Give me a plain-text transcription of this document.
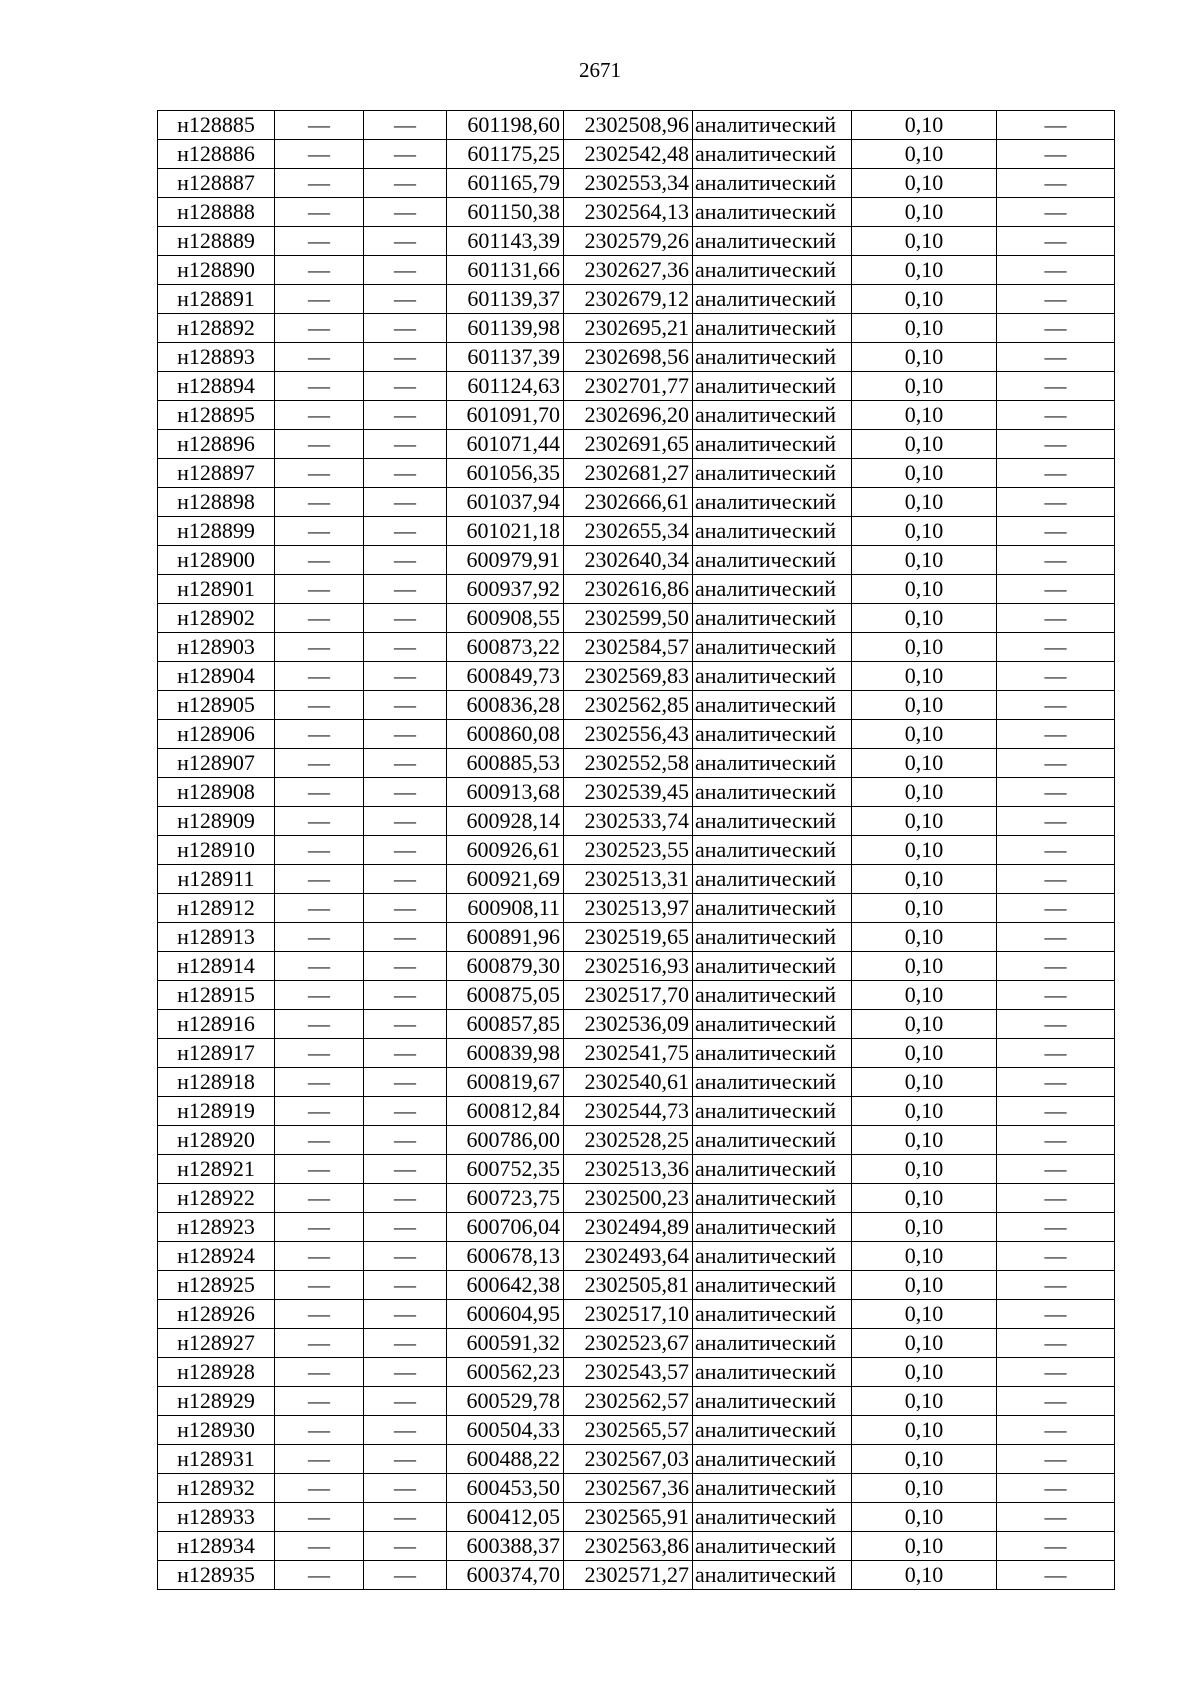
2671
н128885	—	—	601198,60	2302508,96	аналитический	0,10	—
н128886	—	—	601175,25	2302542,48	аналитический	0,10	—
н128887	—	—	601165,79	2302553,34	аналитический	0,10	—
н128888	—	—	601150,38	2302564,13	аналитический	0,10	—
н128889	—	—	601143,39	2302579,26	аналитический	0,10	—
н128890	—	—	601131,66	2302627,36	аналитический	0,10	—
н128891	—	—	601139,37	2302679,12	аналитический	0,10	—
н128892	—	—	601139,98	2302695,21	аналитический	0,10	—
н128893	—	—	601137,39	2302698,56	аналитический	0,10	—
н128894	—	—	601124,63	2302701,77	аналитический	0,10	—
н128895	—	—	601091,70	2302696,20	аналитический	0,10	—
н128896	—	—	601071,44	2302691,65	аналитический	0,10	—
н128897	—	—	601056,35	2302681,27	аналитический	0,10	—
н128898	—	—	601037,94	2302666,61	аналитический	0,10	—
н128899	—	—	601021,18	2302655,34	аналитический	0,10	—
н128900	—	—	600979,91	2302640,34	аналитический	0,10	—
н128901	—	—	600937,92	2302616,86	аналитический	0,10	—
н128902	—	—	600908,55	2302599,50	аналитический	0,10	—
н128903	—	—	600873,22	2302584,57	аналитический	0,10	—
н128904	—	—	600849,73	2302569,83	аналитический	0,10	—
н128905	—	—	600836,28	2302562,85	аналитический	0,10	—
н128906	—	—	600860,08	2302556,43	аналитический	0,10	—
н128907	—	—	600885,53	2302552,58	аналитический	0,10	—
н128908	—	—	600913,68	2302539,45	аналитический	0,10	—
н128909	—	—	600928,14	2302533,74	аналитический	0,10	—
н128910	—	—	600926,61	2302523,55	аналитический	0,10	—
н128911	—	—	600921,69	2302513,31	аналитический	0,10	—
н128912	—	—	600908,11	2302513,97	аналитический	0,10	—
н128913	—	—	600891,96	2302519,65	аналитический	0,10	—
н128914	—	—	600879,30	2302516,93	аналитический	0,10	—
н128915	—	—	600875,05	2302517,70	аналитический	0,10	—
н128916	—	—	600857,85	2302536,09	аналитический	0,10	—
н128917	—	—	600839,98	2302541,75	аналитический	0,10	—
н128918	—	—	600819,67	2302540,61	аналитический	0,10	—
н128919	—	—	600812,84	2302544,73	аналитический	0,10	—
н128920	—	—	600786,00	2302528,25	аналитический	0,10	—
н128921	—	—	600752,35	2302513,36	аналитический	0,10	—
н128922	—	—	600723,75	2302500,23	аналитический	0,10	—
н128923	—	—	600706,04	2302494,89	аналитический	0,10	—
н128924	—	—	600678,13	2302493,64	аналитический	0,10	—
н128925	—	—	600642,38	2302505,81	аналитический	0,10	—
н128926	—	—	600604,95	2302517,10	аналитический	0,10	—
н128927	—	—	600591,32	2302523,67	аналитический	0,10	—
н128928	—	—	600562,23	2302543,57	аналитический	0,10	—
н128929	—	—	600529,78	2302562,57	аналитический	0,10	—
н128930	—	—	600504,33	2302565,57	аналитический	0,10	—
н128931	—	—	600488,22	2302567,03	аналитический	0,10	—
н128932	—	—	600453,50	2302567,36	аналитический	0,10	—
н128933	—	—	600412,05	2302565,91	аналитический	0,10	—
н128934	—	—	600388,37	2302563,86	аналитический	0,10	—
н128935	—	—	600374,70	2302571,27	аналитический	0,10	—
